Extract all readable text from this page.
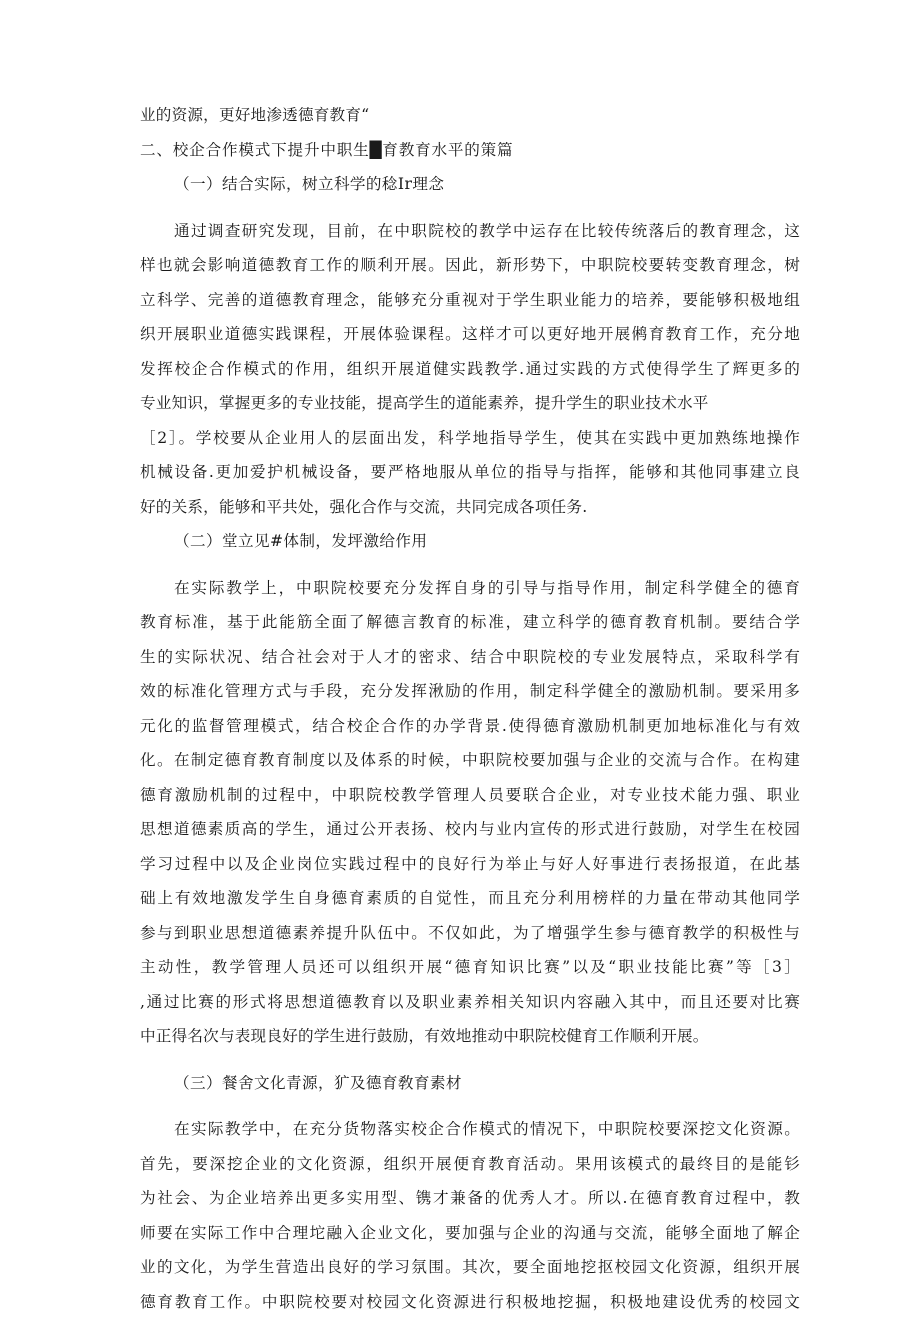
业的资源，更好地渗透德育教育“
二、校企合作模式下提升中职生█育教育水平的策篇
（一）结合实际，树立科学的稔Ir理念
通过调查研究发现，目前，在中职院校的教学中运存在比较传统落后的教育理念，这
样也就会影响道德教育工作的顺利开展。因此，新形势下，中职院校要转变教育理念，树
立科学、完善的道德教育理念，能够充分重视对于学生职业能力的培养，要能够积极地组
织开展职业道德实践课程，开展体验课程。这样才可以更好地开展鸺育教育工作，充分地
发挥校企合作模式的作用，组织开展道健实践教学.通过实践的方式使得学生了辉更多的
专业知识，掌握更多的专业技能，提高学生的道能素养，提升学生的职业技术水平
［2］。学校要从企业用人的层面出发，科学地指导学生，使其在实践中更加熟练地操作
机械设备.更加爱护机械设备，要严格地服从单位的指导与指挥，能够和其他同事建立良
好的关系，能够和平共处，强化合作与交流，共同完成各项任务.
（二）堂立见#体制，发坪激给作用
在实际教学上，中职院校要充分发挥自身的引导与指导作用，制定科学健全的德育
教育标准，基于此能筋全面了解德言教育的标准，建立科学的德育教育机制。要结合学
生的实际状况、结合社会对于人才的密求、结合中职院校的专业发展特点，采取科学有
效的标准化管理方式与手段，充分发挥湫励的作用，制定科学健全的激励机制。要采用多
元化的监督管理模式，结合校企合作的办学背景.使得德育激励机制更加地标准化与有效
化。在制定德育教育制度以及体系的时候，中职院校要加强与企业的交流与合作。在构建
德育激励机制的过程中，中职院校教学管理人员要联合企业，对专业技术能力强、职业
思想道德素质高的学生，通过公开表扬、校内与业内宣传的形式进行鼓励，对学生在校园
学习过程中以及企业岗位实践过程中的良好行为举止与好人好事进行表扬报道，在此基
础上有效地激发学生自身德育素质的自觉性，而且充分利用榜样的力量在带动其他同学
参与到职业思想道德素养提升队伍中。不仅如此，为了增强学生参与德育教学的积极性与
主动性，教学管理人员还可以组织开展“德育知识比赛”以及“职业技能比赛”等［3］
,通过比赛的形式将思想道德教育以及职业素养相关知识内容融入其中，而且还要对比赛
中正得名次与表现良好的学生进行鼓励，有效地推动中职院校健育工作顺利开展。
（三）餐舍文化青源，犷及德育敎育素材
在实际教学中，在充分货物落实校企合作模式的情况下，中职院校要深挖文化资源。
首先，要深挖企业的文化资源，组织开展便育教育活动。果用该模式的最终目的是能钐
为社会、为企业培养出更多实用型、镌才兼备的优秀人才。所以.在德育教育过程中，教
师要在实际工作中合理坨融入企业文化，要加强与企业的沟通与交流，能够全面地了解企
业的文化，为学生营造出良好的学习氛围。其次，要全面地挖抠校园文化资源，组织开展
德育教育工作。中职院校要对校园文化资源进行积极地挖掘，积极地建设优秀的校园文
